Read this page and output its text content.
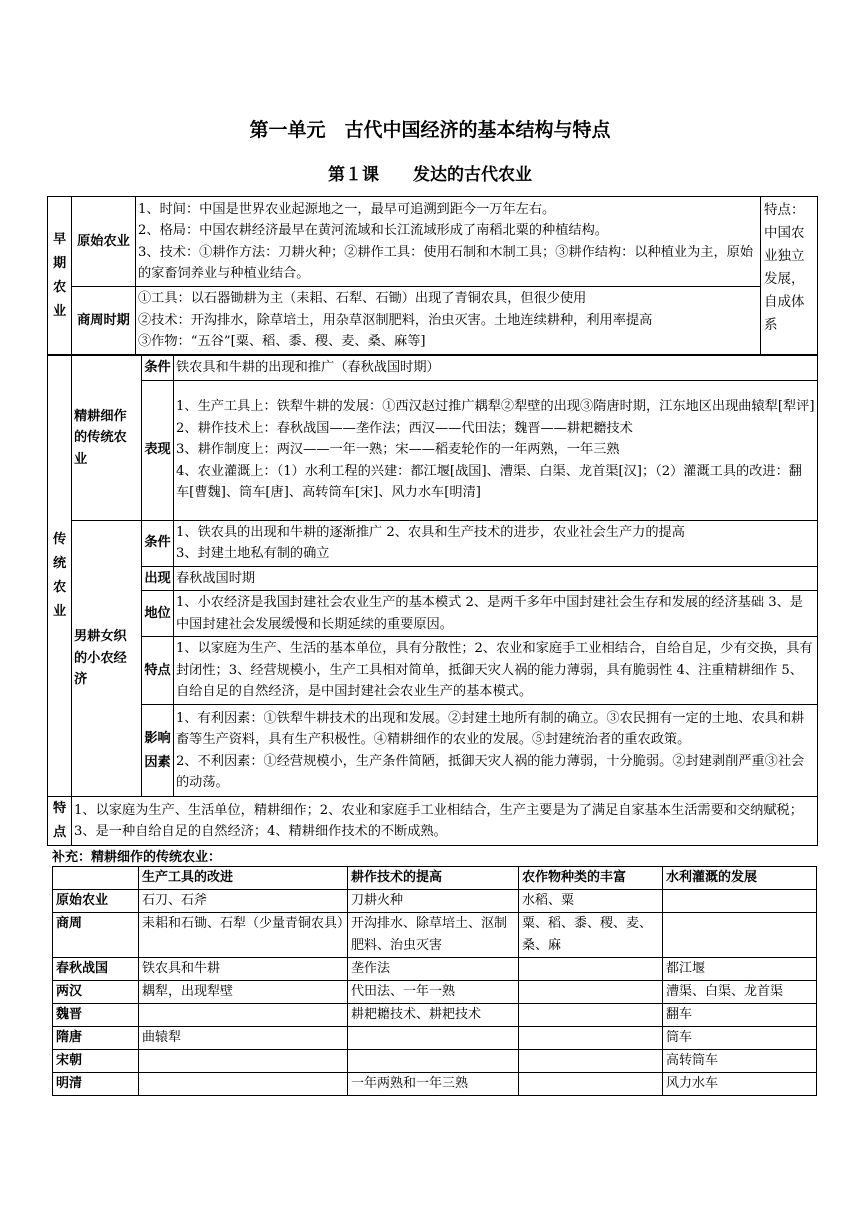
第一单元　古代中国经济的基本结构与特点
第１课　　发达的古代农业
早期农业	原始农业	1、时间：中国是世界农业起源地之一，最早可追溯到距今一万年左右。
2、格局：中国农耕经济最早在黄河流域和长江流域形成了南稻北粟的种植结构。
3、技术：①耕作方法：刀耕火种；②耕作工具：使用石制和木制工具；③耕作结构：以种植业为主，原始的家畜饲养业与种植业结合。	特点：中国农业独立发展，自成体系
	商周时期	①工具：以石器锄耕为主（耒耜、石犁、石锄）出现了青铜农具，但很少使用
②技术：开沟排水，除草培土，用杂草沤制肥料，治虫灭害。土地连续耕种，利用率提高
③作物：“五谷”[粟、稻、黍、稷、麦、桑、麻等]	
传统农业	精耕细作的传统农业	条件	铁农具和牛耕的出现和推广（春秋战国时期）
		表现	1、生产工具上：铁犁牛耕的发展：①西汉赵过推广耦犁②犁壁的出现③隋唐时期，江东地区出现曲辕犁[犁评]
2、耕作技术上：春秋战国——垄作法；西汉——代田法；魏晋——耕耙耱技术
3、耕作制度上：两汉——一年一熟；宋——稻麦轮作的一年两熟，一年三熟
4、农业灌溉上：（1）水利工程的兴建：都江堰[战国]、漕渠、白渠、龙首渠[汉]；（2）灌溉工具的改进：翻车[曹魏]、筒车[唐]、高转筒车[宋]、风力水车[明清]

	男耕女织的小农经济	条件	1、铁农具的出现和牛耕的逐渐推广 2、农具和生产技术的进步，农业社会生产力的提高
3、封建土地私有制的确立

		出现	春秋战国时期
		地位	1、小农经济是我国封建社会农业生产的基本模式 2、是两千多年中国封建社会生存和发展的经济基础 3、是中国封建社会发展缓慢和长期延续的重要原因。
		特点	1、以家庭为生产、生活的基本单位，具有分散性；2、农业和家庭手工业相结合，自给自足，少有交换，具有封闭性；3、经营规模小，生产工具相对简单，抵御天灾人祸的能力薄弱，具有脆弱性 4、注重精耕细作 5、自给自足的自然经济，是中国封建社会农业生产的基本模式。
		影响因素	1、有利因素：①铁犁牛耕技术的出现和发展。②封建土地所有制的确立。③农民拥有一定的土地、农具和耕畜等生产资料，具有生产积极性。④精耕细作的农业的发展。⑤封建统治者的重农政策。
2、不利因素：①经营规模小，生产条件简陋，抵御天灾人祸的能力薄弱，十分脆弱。②封建剥削严重③社会的动荡。
特点	1、以家庭为生产、生活单位，精耕细作；2、农业和家庭手工业相结合，生产主要是为了满足自家基本生活需要和交纳赋税；3、是一种自给自足的自然经济；4、精耕细作技术的不断成熟。
补充：精耕细作的传统农业：
	生产工具的改进	耕作技术的提高	农作物种类的丰富	水利灌溉的发展
原始农业	石刀、石斧	刀耕火种	水稻、粟	
商周	耒耜和石锄、石犁（少量青铜农具）	开沟排水、除草培土、沤制肥料、治虫灭害	粟、稻、黍、稷、麦、桑、麻	
春秋战国	铁农具和牛耕	垄作法		都江堰
两汉	耦犁，出现犁壁	代田法、一年一熟		漕渠、白渠、龙首渠
魏晋		耕耙耱技术、耕耙技术		翻车
隋唐	曲辕犁			筒车
宋朝				高转筒车
明清		一年两熟和一年三熟		风力水车
